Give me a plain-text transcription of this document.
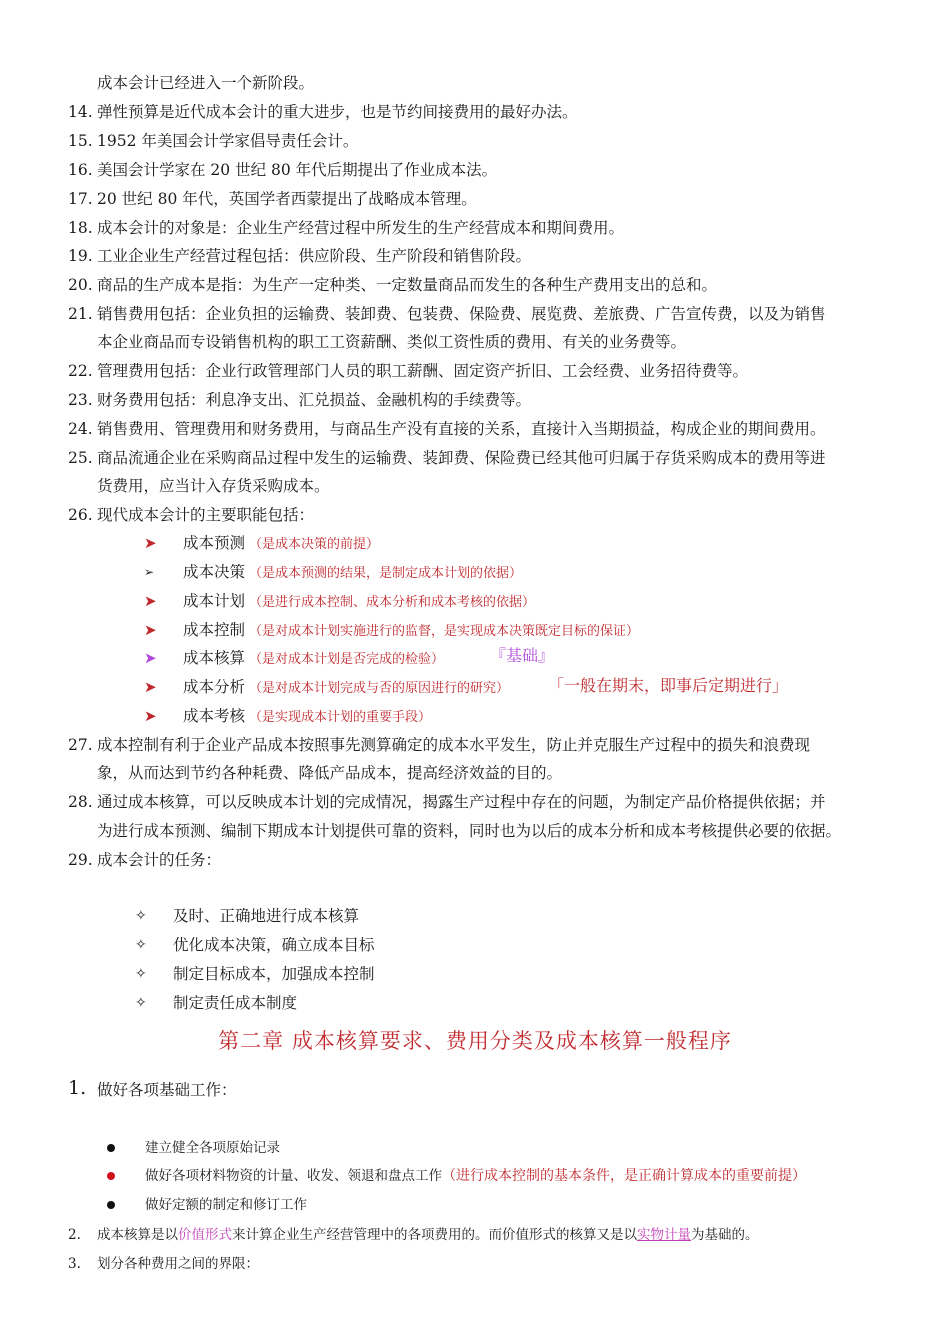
成本会计已经进入一个新阶段。
14. 弹性预算是近代成本会计的重大进步，也是节约间接费用的最好办法。
15. 1952 年美国会计学家倡导责任会计。
16. 美国会计学家在 20 世纪 80 年代后期提出了作业成本法。
17. 20 世纪 80 年代，英国学者西蒙提出了战略成本管理。
18. 成本会计的对象是：企业生产经营过程中所发生的生产经营成本和期间费用。
19. 工业企业生产经营过程包括：供应阶段、生产阶段和销售阶段。
20. 商品的生产成本是指：为生产一定种类、一定数量商品而发生的各种生产费用支出的总和。
21. 销售费用包括：企业负担的运输费、装卸费、包装费、保险费、展览费、差旅费、广告宣传费，以及为销售
本企业商品而专设销售机构的职工工资薪酬、类似工资性质的费用、有关的业务费等。
22. 管理费用包括：企业行政管理部门人员的职工薪酬、固定资产折旧、工会经费、业务招待费等。
23. 财务费用包括：利息净支出、汇兑损益、金融机构的手续费等。
24. 销售费用、管理费用和财务费用，与商品生产没有直接的关系，直接计入当期损益，构成企业的期间费用。
25. 商品流通企业在采购商品过程中发生的运输费、装卸费、保险费已经其他可归属于存货采购成本的费用等进
货费用，应当计入存货采购成本。
26. 现代成本会计的主要职能包括：
➤ 成本预测 （是成本决策的前提）
➢ 成本决策 （是成本预测的结果，是制定成本计划的依据）
➤ 成本计划 （是进行成本控制、成本分析和成本考核的依据）
➤ 成本控制 （是对成本计划实施进行的监督，是实现成本决策既定目标的保证）
➤ 成本核算 （是对成本计划是否完成的检验）	『基础』
➤ 成本分析 （是对成本计划完成与否的原因进行的研究） 「一般在期末，即事后定期进行」
➤ 成本考核 （是实现成本计划的重要手段）
27. 成本控制有利于企业产品成本按照事先测算确定的成本水平发生，防止并克服生产过程中的损失和浪费现
象，从而达到节约各种耗费、降低产品成本，提高经济效益的目的。
28. 通过成本核算，可以反映成本计划的完成情况，揭露生产过程中存在的问题，为制定产品价格提供依据；并
为进行成本预测、编制下期成本计划提供可靠的资料，同时也为以后的成本分析和成本考核提供必要的依据。
29. 成本会计的任务：
✧ 及时、正确地进行成本核算
✧ 优化成本决策，确立成本目标
✧ 制定目标成本，加强成本控制
✧ 制定责任成本制度
第二章 成本核算要求、费用分类及成本核算一般程序
1. 做好各项基础工作：
建立健全各项原始记录
做好各项材料物资的计量、收发、领退和盘点工作（进行成本控制的基本条件，是正确计算成本的重要前提）
做好定额的制定和修订工作
2. 成本核算是以价值形式来计算企业生产经营管理中的各项费用的。而价值形式的核算又是以实物计量为基础的。
3. 划分各种费用之间的界限：
